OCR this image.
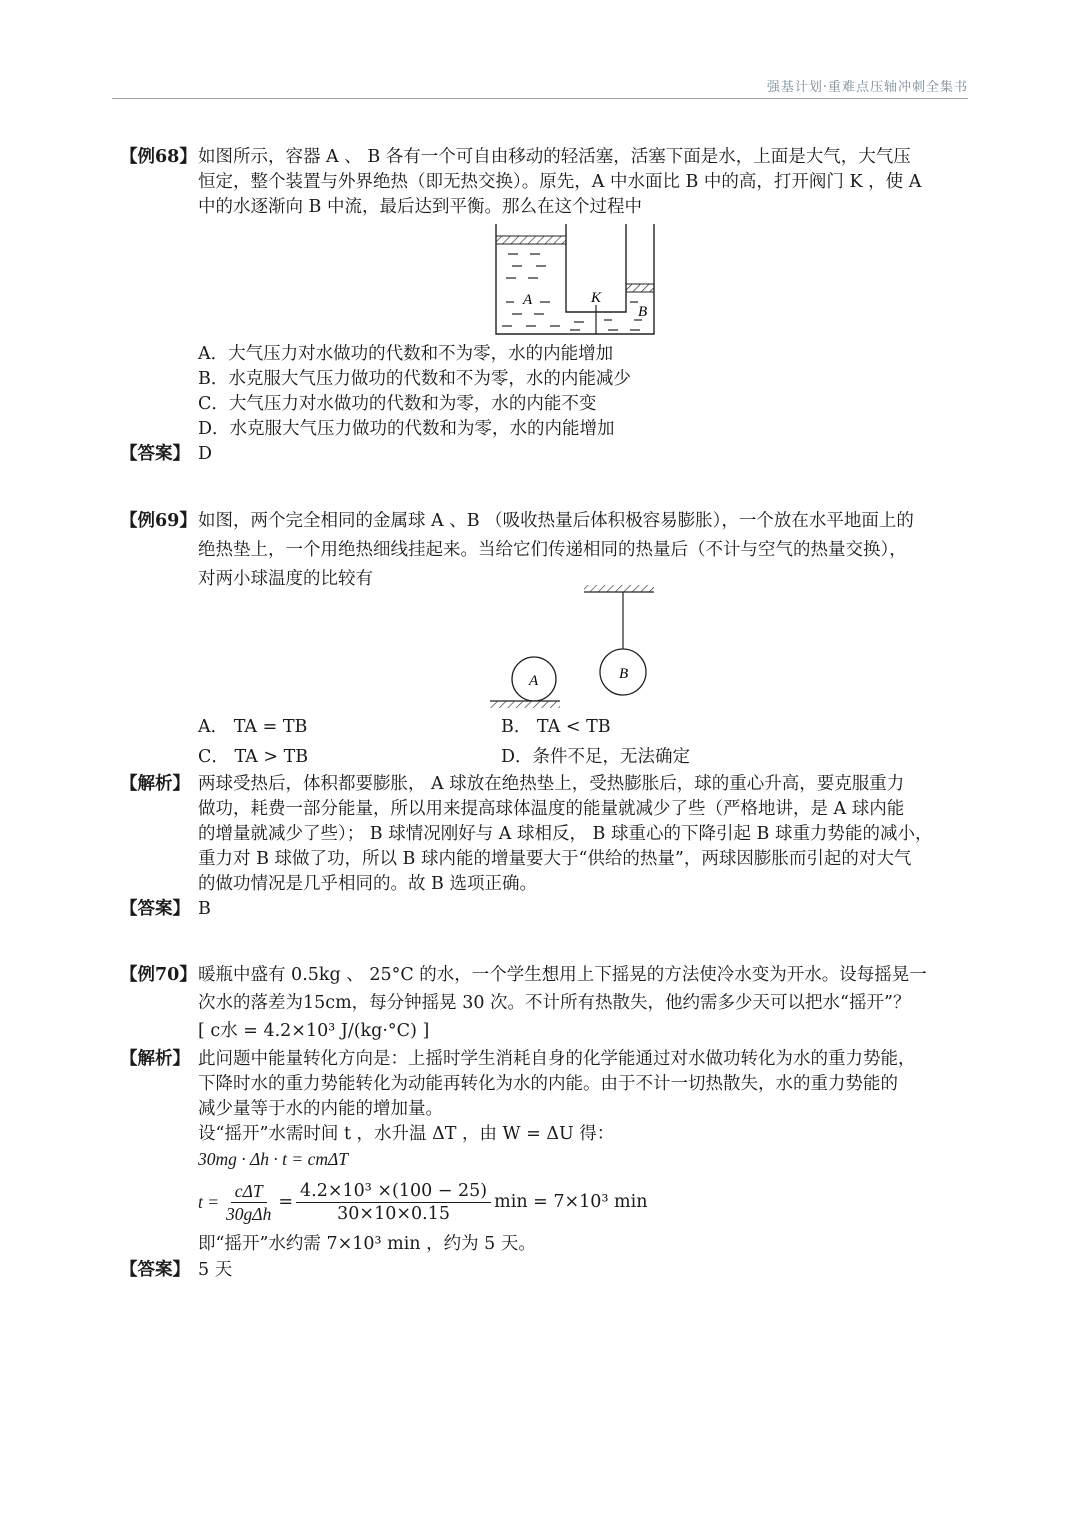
强基计划·重难点压轴冲刺全集书
【例68】 如图所示，容器 A 、 B 各有一个可自由移动的轻活塞，活塞下面是水，上面是大气，大气压
恒定，整个装置与外界绝热（即无热交换）。原先，A 中水面比 B 中的高，打开阀门 K ，使 A
中的水逐渐向 B 中流，最后达到平衡。那么在这个过程中
A	K
B
A．大气压力对水做功的代数和不为零，水的内能增加
B．水克服大气压力做功的代数和不为零，水的内能减少
C．大气压力对水做功的代数和为零，水的内能不变
D．水克服大气压力做功的代数和为零，水的内能增加
【答案】 D
【例69】 如图，两个完全相同的金属球 A 、B （吸收热量后体积极容易膨胀），一个放在水平地面上的
绝热垫上，一个用绝热细线挂起来。当给它们传递相同的热量后（不计与空气的热量交换），
对两小球温度的比较有
B
A
A． TA = TB	B． TA < TB
C． TA > TB	D．条件不足，无法确定
【解析】 两球受热后，体积都要膨胀， A 球放在绝热垫上，受热膨胀后，球的重心升高，要克服重力
做功，耗费一部分能量，所以用来提高球体温度的能量就减少了些（严格地讲，是 A 球内能
的增量就减少了些）； B 球情况刚好与 A 球相反， B 球重心的下降引起 B 球重力势能的减小，
重力对 B 球做了功，所以 B 球内能的增量要大于“供给的热量”，两球因膨胀而引起的对大气
的做功情况是几乎相同的。故 B 选项正确。
【答案】 B
【例70】 暖瓶中盛有 0.5kg 、 25°C 的水，一个学生想用上下摇晃的方法使冷水变为开水。设每摇晃一
次水的落差为15cm，每分钟摇晃 30 次。不计所有热散失，他约需多少天可以把水“摇开”？
[ c水 = 4.2×10³ J/(kg·°C) ]
【解析】 此问题中能量转化方向是：上摇时学生消耗自身的化学能通过对水做功转化为水的重力势能，
下降时水的重力势能转化为动能再转化为水的内能。由于不计一切热散失，水的重力势能的
减少量等于水的内能的增加量。
设“摇开”水需时间 t ，水升温 ΔT ，由 W = ΔU 得：
30mg · Δh · t = cmΔT
$t = \frac{\text{cΔT}}{\text{30gΔh}} = \frac{\text{4.2×10³ ×(100 − 25)}}{30\times 10\times 0.15}$ min = 7×10³ min
即“摇开”水约需 7×10³ min ，约为 5 天。
【答案】 5 天
